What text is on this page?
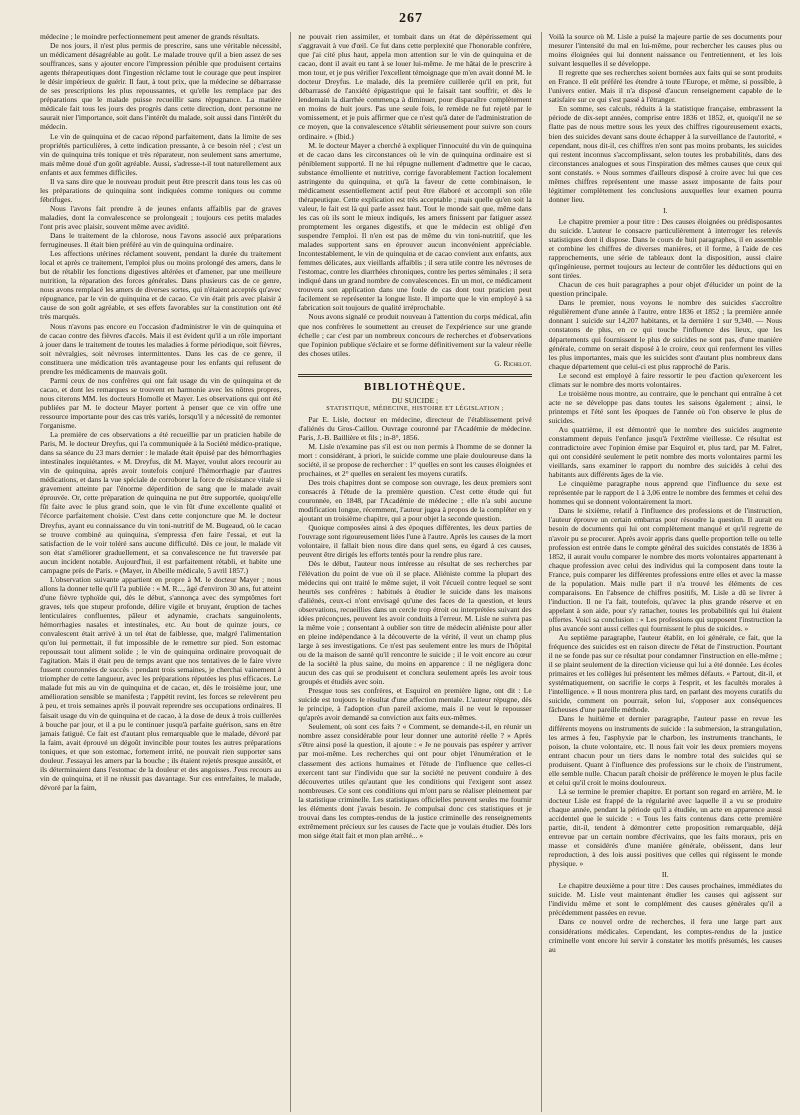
267

médecine ; le moindre perfectionnement peut amener de grands résultats.

De nos jours, il n'est plus permis de prescrire, sans une véritable nécessité, un médicament désagréable au goût. Le malade trouve qu'il a bien assez de ses souffrances, sans y ajouter encore l'impression pénible que produisent certains agents thérapeutiques dont l'ingestion réclame tout le courage que peut inspirer le désir impérieux de guérir. Il faut, à tout prix, que la médecine se débarrasse de ses prescriptions les plus repoussantes, et qu'elle les remplace par des préparations que le malade puisse recueillir sans répugnance. La matière médicale fait tous les jours des progrès dans cette direction, dont personne ne saurait nier l'importance, soit dans l'intérêt du malade, soit aussi dans l'intérêt du médecin.

Le vin de quinquina et de cacao répond parfaitement, dans la limite de ses propriétés particulières, à cette indication pressante, à ce besoin réel ; c'est un vin de quinquina très tonique et très réparateur, non seulement sans amertume, mais même doué d'un goût agréable. Aussi, s'adresse-t-il tout naturellement aux enfants et aux femmes difficiles.

Il va sans dire que le nouveau produit peut être prescrit dans tous les cas où les préparations de quinquina sont indiquées comme toniques ou comme fébrifuges.

Nous l'avons fait prendre à de jeunes enfants affaiblis par de graves maladies, dont la convalescence se prolongeait ; toujours ces petits malades l'ont pris avec plaisir, souvent même avec avidité.

Dans le traitement de la chlorose, nous l'avons associé aux préparations ferrugineuses. Il était bien préféré au vin de quinquina ordinaire.

Les affections utérines réclament souvent, pendant la durée du traitement local et après ce traitement, l'emploi plus ou moins prolongé des amers, dans le but de rétablir les fonctions digestives altérées et d'amener, par une meilleure nutrition, la réparation des forces générales. Dans plusieurs cas de ce genre, nous avons remplacé les amers de diverses sortes, qui n'étaient acceptés qu'avec répugnance, par le vin de quinquina et de cacao. Ce vin était pris avec plaisir à cause de son goût agréable, et ses effets favorables sur la constitution ont été très marqués.

Nous n'avons pas encore eu l'occasion d'administrer le vin de quinquina et de cacao contre des fièvres d'accès. Mais il est évident qu'il a un rôle important à jouer dans le traitement de toutes les maladies à forme périodique, soit fièvres, soit névralgies, soit névroses intermittentes. Dans les cas de ce genre, il constituera une médication très avantageuse pour les enfants qui refusent de prendre les médicaments de mauvais goût.

Parmi ceux de nos confrères qui ont fait usage du vin de quinquina et de cacao, et dont les remarques se trouvent en harmonie avec les nôtres propres, nous citerons MM. les docteurs Homolle et Mayer. Les observations qui ont été publiées par M. le docteur Mayer portent à penser que ce vin offre une ressource importante pour des cas très variés, lorsqu'il y a nécessité de remonter l'organisme.

La première de ces observations a été recueillie par un praticien habile de Paris, M. le docteur Dreyfus, qui l'a communiquée à la Société médico-pratique, dans sa séance du 23 mars dernier : le malade était épuisé par des hémorrhagies intestinales inquiétantes. « M. Dreyfus, dit M. Mayer, voulut alors recourir au vin de quinquina, après avoir toutefois conjuré l'hémorrhagie par d'autres médications, et dans la vue spéciale de corroborer la force de résistance vitale si gravement atteinte par l'énorme déperdition de sang que le malade avait éprouvée. Or, cette préparation de quinquina ne put être supportée, quoiqu'elle fût faite avec le plus grand soin, que le vin fût d'une excellente qualité et l'écorce parfaitement choisie. C'est dans cette conjoncture que M. le docteur Dreyfus, ayant eu connaissance du vin toni-nutritif de M. Bugeaud, où le cacao se trouve combiné au quinquina, s'empressa d'en faire l'essai, et eut la satisfaction de le voir toléré sans aucune difficulté. Dès ce jour, le malade vit son état s'améliorer graduellement, et sa convalescence ne fut traversée par aucun incident notable. Aujourd'hui, il est parfaitement rétabli, et habite une campagne près de Paris. » (Mayer, in Abeille médicale, 5 avril 1857.)

L'observation suivante appartient en propre à M. le docteur Mayer ; nous allons la donner telle qu'il l'a publiée : « M. R..., âgé d'environ 30 ans, fut atteint d'une fièvre typhoïde qui, dès le début, s'annonça avec des symptômes fort graves, tels que stupeur profonde, délire vigile et bruyant, éruption de taches lenticulaires confluentes, pâleur et adynamie, crachats sanguinolents, hémorrhagies nasales et intestinales, etc. Au bout de quinze jours, ce convalescent était arrivé à un tel état de faiblesse, que, malgré l'alimentation qu'on lui permettait, il fut impossible de le remettre sur pied. Son estomac repoussait tout aliment solide ; le vin de quinquina ordinaire provoquait de l'agitation. Mais il était peu de temps avant que nos tentatives de le faire vivre fussent couronnées de succès : pendant trois semaines, je cherchai vainement à triompher de cette langueur, avec les préparations réputées les plus efficaces. Le malade fut mis au vin de quinquina et de cacao, et, dès le troisième jour, une amélioration sensible se manifesta ; l'appétit revint, les forces se relevèrent peu à peu, et trois semaines après il pouvait reprendre ses occupations ordinaires. Il faisait usage du vin de quinquina et de cacao, à la dose de deux à trois cuillerées à bouche par jour, et il a pu le continuer jusqu'à parfaite guérison, sans en être jamais fatigué. Ce fait est d'autant plus remarquable que le malade, dévoré par la faim, avait éprouvé un dégoût invincible pour toutes les autres préparations toniques, et que son estomac, fortement irrité, ne pouvait rien supporter sans douleur. J'essayai les amers par la bouche ; ils étaient rejetés presque aussitôt, et ils déterminaient dans l'estomac de la douleur et des angoisses. J'eus recours au vin de quinquina, et il ne réussit pas davantage. Sur ces entrefaites, le malade, dévoré par la faim,

ne pouvait rien assimiler, et tombait dans un état de dépérissement qui s'aggravait à vue d'œil. Ce fut dans cette perplexité que l'honorable confrère, que j'ai cité plus haut, appela mon attention sur le vin de quinquina et de cacao, dont il avait eu tant à se louer lui-même. Je me hâtai de le prescrire à mon tour, et je pus vérifier l'excellent témoignage que m'en avait donné M. le docteur Dreyfus. Le malade, dès la première cuillerée qu'il en prit, fut débarrassé de l'anxiété épigastrique qui le faisait tant souffrir, et dès le lendemain la diarrhée commença à diminuer, pour disparaître complètement en moins de huit jours. Pas une seule fois, le remède ne fut rejeté par le vomissement, et je puis affirmer que ce n'est qu'à dater de l'administration de ce moyen, que la convalescence s'établit sérieusement pour suivre son cours ordinaire. » (Ibid.)

M. le docteur Mayer a cherché à expliquer l'innocuité du vin de quinquina et de cacao dans les circonstances où le vin de quinquina ordinaire est si péniblement supporté. Il ne lui répugne nullement d'admettre que le cacao, substance émolliente et nutritive, corrige favorablement l'action localement astringente du quinquina, et qu'à la faveur de cette combinaison, le médicament essentiellement actif peut être élaboré et accompli son rôle thérapeutique. Cette explication est très acceptable ; mais quelle qu'en soit la valeur, le fait est là qui parle assez haut. Tout le monde sait que, même dans les cas où ils sont le mieux indiqués, les amers finissent par fatiguer assez promptement les organes digestifs, et que le médecin est obligé d'en suspendre l'emploi. Il n'en est pas de même du vin toni-nutritif, que les malades supportent sans en éprouver aucun inconvénient appréciable. Incontestablement, le vin de quinquina et de cacao convient aux enfants, aux femmes délicates, aux vieillards affaiblis ; il sera utile contre les névroses de l'estomac, contre les diarrhées chroniques, contre les pertes séminales ; il sera indiqué dans un grand nombre de convalescences. En un mot, ce médicament trouvera son application dans une foule de cas dont tout praticien peut facilement se représenter la longue liste. Il importe que le vin employé à sa fabrication soit toujours de qualité irréprochable.

Nous avons signalé ce produit nouveau à l'attention du corps médical, afin que nos confrères le soumettent au creuset de l'expérience sur une grande échelle ; car c'est par un nombreux concours de recherches et d'observations que l'opinion publique s'éclaire et se forme définitivement sur la valeur réelle des choses utiles.

G. Richelot.

BIBLIOTHÈQUE.
DU SUICIDE ;
STATISTIQUE, MÉDECINE, HISTOIRE ET LÉGISLATION ;

Par E. Lisle, docteur en médecine, directeur de l'établissement privé d'aliénés du Gros-Caillou. Ouvrage couronné par l'Académie de médecine. Paris, J.-B. Baillière et fils ; in-8°, 1856.

M. Lisle n'examine pas s'il est ou non permis à l'homme de se donner la mort : considérant, à priori, le suicide comme une plaie douloureuse dans la société, il se propose de rechercher : 1° quelles en sont les causes éloignées et prochaines, et 2° quelles en seraient les moyens curatifs.

Des trois chapitres dont se compose son ouvrage, les deux premiers sont consacrés à l'étude de la première question. C'est cette étude qui fut couronnée, en 1848, par l'Académie de médecine ; elle n'a subi aucune modification longue, récemment, l'auteur jugea à propos de la compléter en y ajoutant un troisième chapitre, qui a pour objet la seconde question.

Quoique composées ainsi à des époques différentes, les deux parties de l'ouvrage sont rigoureusement liées l'une à l'autre. Après les causes de la mort volontaire, il fallait bien nous dire dans quel sens, eu égard à ces causes, peuvent être dirigés les efforts tentés pour la rendre plus rare.

Dès le début, l'auteur nous intéresse au résultat de ses recherches par l'élévation du point de vue où il se place. Aliéniste comme la plupart des médecins qui ont traité le même sujet, il voit l'écueil contre lequel se sont heurtés ses confrères : habitués à étudier le suicide dans les maisons d'aliénés, ceux-ci n'ont envisagé qu'une des faces de la question, et leurs observations, recueillies dans un cercle trop étroit ou interprétées suivant des idées préconçues, peuvent les avoir conduits à l'erreur. M. Lisle ne suivra pas la même voie ; consentant à oublier son titre de médecin aliéniste pour aller en pleine indépendance à la découverte de la vérité, il veut un champ plus large à ses investigations. Ce n'est pas seulement entre les murs de l'hôpital ou de la maison de santé qu'il rencontre le suicide ; il le voit encore au cœur de la société la plus saine, du moins en apparence : il ne négligera donc aucun des cas qui se produisent et conclura seulement après les avoir tous groupés et étudiés avec soin.

Presque tous ses confrères, et Esquirol en première ligne, ont dit : Le suicide est toujours le résultat d'une affection mentale. L'auteur répugne, dès le principe, à l'adoption d'un pareil axiome, mais il ne veut le repousser qu'après avoir demandé sa conviction aux faits eux-mêmes.

Seulement, où sont ces faits ? « Comment, se demande-t-il, en réunir un nombre assez considérable pour leur donner une autorité réelle ? » Après s'être ainsi posé la question, il ajoute : « Je ne pouvais pas espérer y arriver par moi-même. Les recherches qui ont pour objet l'énumération et le classement des actions humaines et l'étude de l'influence que celles-ci exercent tant sur l'individu que sur la société ne peuvent conduire à des découvertes utiles qu'autant que les conditions qui l'exigent sont assez nombreuses. Ce sont ces conditions qui m'ont paru se réaliser pleinement par la statistique criminelle. Les statistiques officielles peuvent seules me fournir les éléments dont j'avais besoin. Je compulsai donc ces statistiques et je trouvai dans les comptes-rendus de la justice criminelle des renseignements extrêmement précieux sur les causes de l'acte que je voulais étudier. Dès lors mon siége était fait et mon plan arrêté... »

Voilà la source où M. Lisle a puisé la majeure partie de ses documents pour mesurer l'intensité du mal en lui-même, pour rechercher les causes plus ou moins éloignées qui lui donnent naissance ou l'entretiennent, et les lois suivant lesquelles il se développe.

Il regrette que ses recherches soient bornées aux faits qui se sont produits en France. Il eût préféré les étendre à toute l'Europe, et même, si possible, à l'univers entier. Mais il n'a disposé d'aucun renseignement capable de le satisfaire sur ce qui s'est passé à l'étranger.

En somme, ses calculs, réduits à la statistique française, embrassent la période de dix-sept années, comprise entre 1836 et 1852, et, quoiqu'il ne se flatte pas de nous mettre sous les yeux des chiffres rigoureusement exacts, bien des suicides devant sans doute échapper à la surveillance de l'autorité, « cependant, nous dit-il, ces chiffres n'en sont pas moins probants, les suicides qui restent inconnus s'accomplissant, selon toutes les probabilités, dans des circonstances analogues et sous l'inspiration des mêmes causes que ceux qui sont constatés. » Nous sommes d'ailleurs disposé à croire avec lui que ces mêmes chiffres représentent une masse assez imposante de faits pour légitimer complètement les conclusions auxquelles leur examen pourra donner lieu.

I.

Le chapitre premier a pour titre : Des causes éloignées ou prédisposantes du suicide. L'auteur le consacre particulièrement à interroger les relevés statistiques dont il dispose. Dans le cours de huit paragraphes, il en assemble et combine les chiffres de diverses manières, et il forme, à l'aide de ces rapprochements, une série de tableaux dont la disposition, aussi claire qu'ingénieuse, permet toujours au lecteur de contrôler les déductions qui en sont tirées.

Chacun de ces huit paragraphes a pour objet d'élucider un point de la question principale.

Dans le premier, nous voyons le nombre des suicides s'accroître régulièrement d'une année à l'autre, entre 1836 et 1852 ; la première année donnant 1 suicide sur 14,207 habitants, et la dernière 1 sur 9,340. — Nous constatons de plus, en ce qui touche l'influence des lieux, que les départements qui fournissent le plus de suicides ne sont pas, d'une manière générale, comme on serait disposé à le croire, ceux qui renferment les villes les plus importantes, mais que les suicides sont d'autant plus nombreux dans chaque département que celui-ci est plus rapproché de Paris.

Le second est employé à faire ressortir le peu d'action qu'exercent les climats sur le nombre des morts volontaires.

Le troisième nous montre, au contraire, que le penchant qui entraîne à cet acte ne se développe pas dans toutes les saisons également ; ainsi, le printemps et l'été sont les époques de l'année où l'on observe le plus de suicides.

Au quatrième, il est démontré que le nombre des suicides augmente constamment depuis l'enfance jusqu'à l'extrême vieillesse. Ce résultat est contradictoire avec l'opinion émise par Esquirol et, plus tard, par M. Falret, qui ont considéré seulement le petit nombre des morts volontaires parmi les vieillards, sans examiner le rapport du nombre des suicidés à celui des habitants aux différents âges de la vie.

Le cinquième paragraphe nous apprend que l'influence du sexe est représentée par le rapport de 1 à 3,06 entre le nombre des femmes et celui des hommes qui se donnent volontairement la mort.

Dans le sixième, relatif à l'influence des professions et de l'instruction, l'auteur éprouve un certain embarras pour résoudre la question. Il aurait eu besoin de documents qui lui ont complètement manqué et qu'il regrette de n'avoir pu se procurer. Après avoir appris dans quelle proportion telle ou telle profession est entrée dans le compte général des suicides constatés de 1836 à 1852, il aurait voulu comparer le nombre des morts volontaires appartenant à chaque profession avec celui des individus qui la composent dans toute la France, puis comparer les différentes professions entre elles et avec la masse de la population. Mais nulle part il n'a trouvé les éléments de ces comparaisons. En l'absence de chiffres positifs, M. Lisle a dû se livrer à l'induction. Il ne l'a fait, toutefois, qu'avec la plus grande réserve et en appelant à son aide, pour s'y rattacher, toutes les probabilités qui lui étaient offertes. Voici sa conclusion : « Les professions qui supposent l'instruction la plus avancée sont aussi celles qui fournissent le plus de suicides. »

Au septième paragraphe, l'auteur établit, en loi générale, ce fait, que la fréquence des suicides est en raison directe de l'état de l'instruction. Pourtant il ne se fonde pas sur ce résultat pour condamner l'instruction en elle-même ; il se plaint seulement de la direction vicieuse qui lui a été donnée. Les écoles primaires et les collèges lui présentent les mêmes défauts. « Partout, dit-il, et systématiquement, on sacrifie le corps à l'esprit, et les facultés morales à l'intelligence. » Il nous montrera plus tard, en parlant des moyens curatifs du suicide, comment on pourrait, selon lui, s'opposer aux conséquences fâcheuses d'une pareille méthode.

Dans le huitième et dernier paragraphe, l'auteur passe en revue les différents moyens ou instruments de suicide : la submersion, la strangulation, les armes à feu, l'asphyxie par le charbon, les instruments tranchants, le poison, la chute volontaire, etc. Il nous fait voir les deux premiers moyens entrant chacun pour un tiers dans le nombre total des suicides qui se produisent. Quant à l'influence des professions sur le choix de l'instrument, elle semble nulle. Chacun paraît choisir de préférence le moyen le plus facile et celui qu'il croit le moins douloureux.

Là se termine le premier chapitre. Et portant son regard en arrière, M. le docteur Lisle est frappé de la régularité avec laquelle il a vu se produire chaque année, pendant la période qu'il a étudiée, un acte en apparence aussi accidentel que le suicide : « Tous les faits contenus dans cette première partie, dit-il, tendent à démontrer cette proposition remarquable, déjà entrevue par un certain nombre d'écrivains, que les faits moraux, pris en masse et considérés d'une manière générale, obéissent, dans leur reproduction, à des lois aussi positives que celles qui régissent le monde physique. »

II.

Le chapitre deuxième a pour titre : Des causes prochaines, immédiates du suicide. M. Lisle veut maintenant étudier les causes qui agissent sur l'individu même et sont le complément des causes générales qu'il a précédemment passées en revue.

Dans ce nouvel ordre de recherches, il fera une large part aux considérations médicales. Cependant, les comptes-rendus de la justice criminelle vont encore lui servir à constater les motifs présumés, les causes au
